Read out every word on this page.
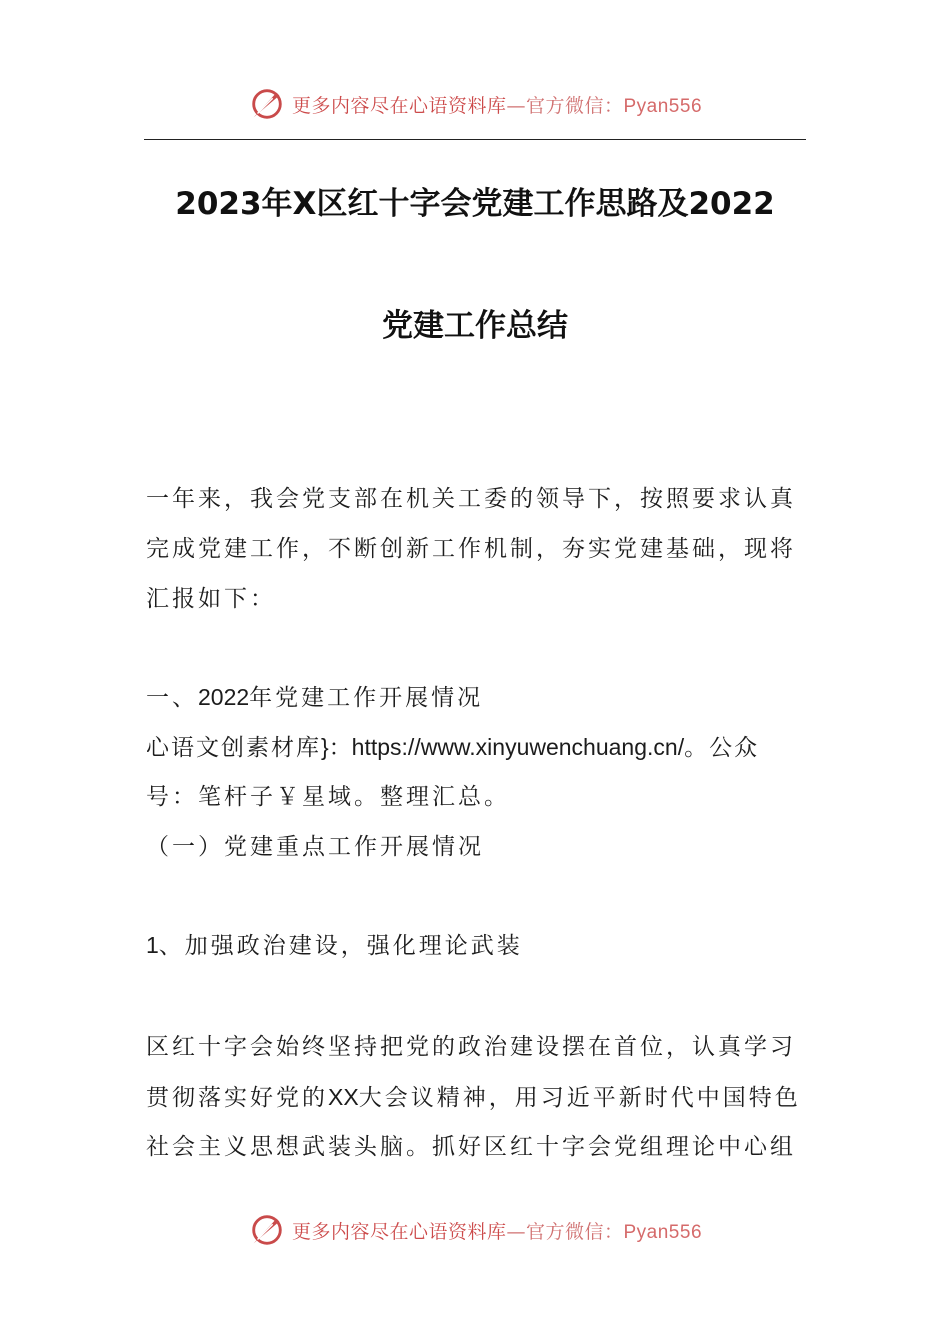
更多内容尽在心语资料库—官方微信：Pyan556
2023年X区红十字会党建工作思路及2022
党建工作总结
一年来，我会党支部在机关工委的领导下，按照要求认真
完成党建工作，不断创新工作机制，夯实党建基础，现将
汇报如下：
一、2022年党建工作开展情况
心语文创素材库}：https://www.xinyuwenchuang.cn/。公众
号：笔杆子￥星域。整理汇总。
（一）党建重点工作开展情况
1、加强政治建设，强化理论武装
区红十字会始终坚持把党的政治建设摆在首位，认真学习
贯彻落实好党的XX大会议精神，用习近平新时代中国特色
社会主义思想武装头脑。抓好区红十字会党组理论中心组
更多内容尽在心语资料库—官方微信：Pyan556
